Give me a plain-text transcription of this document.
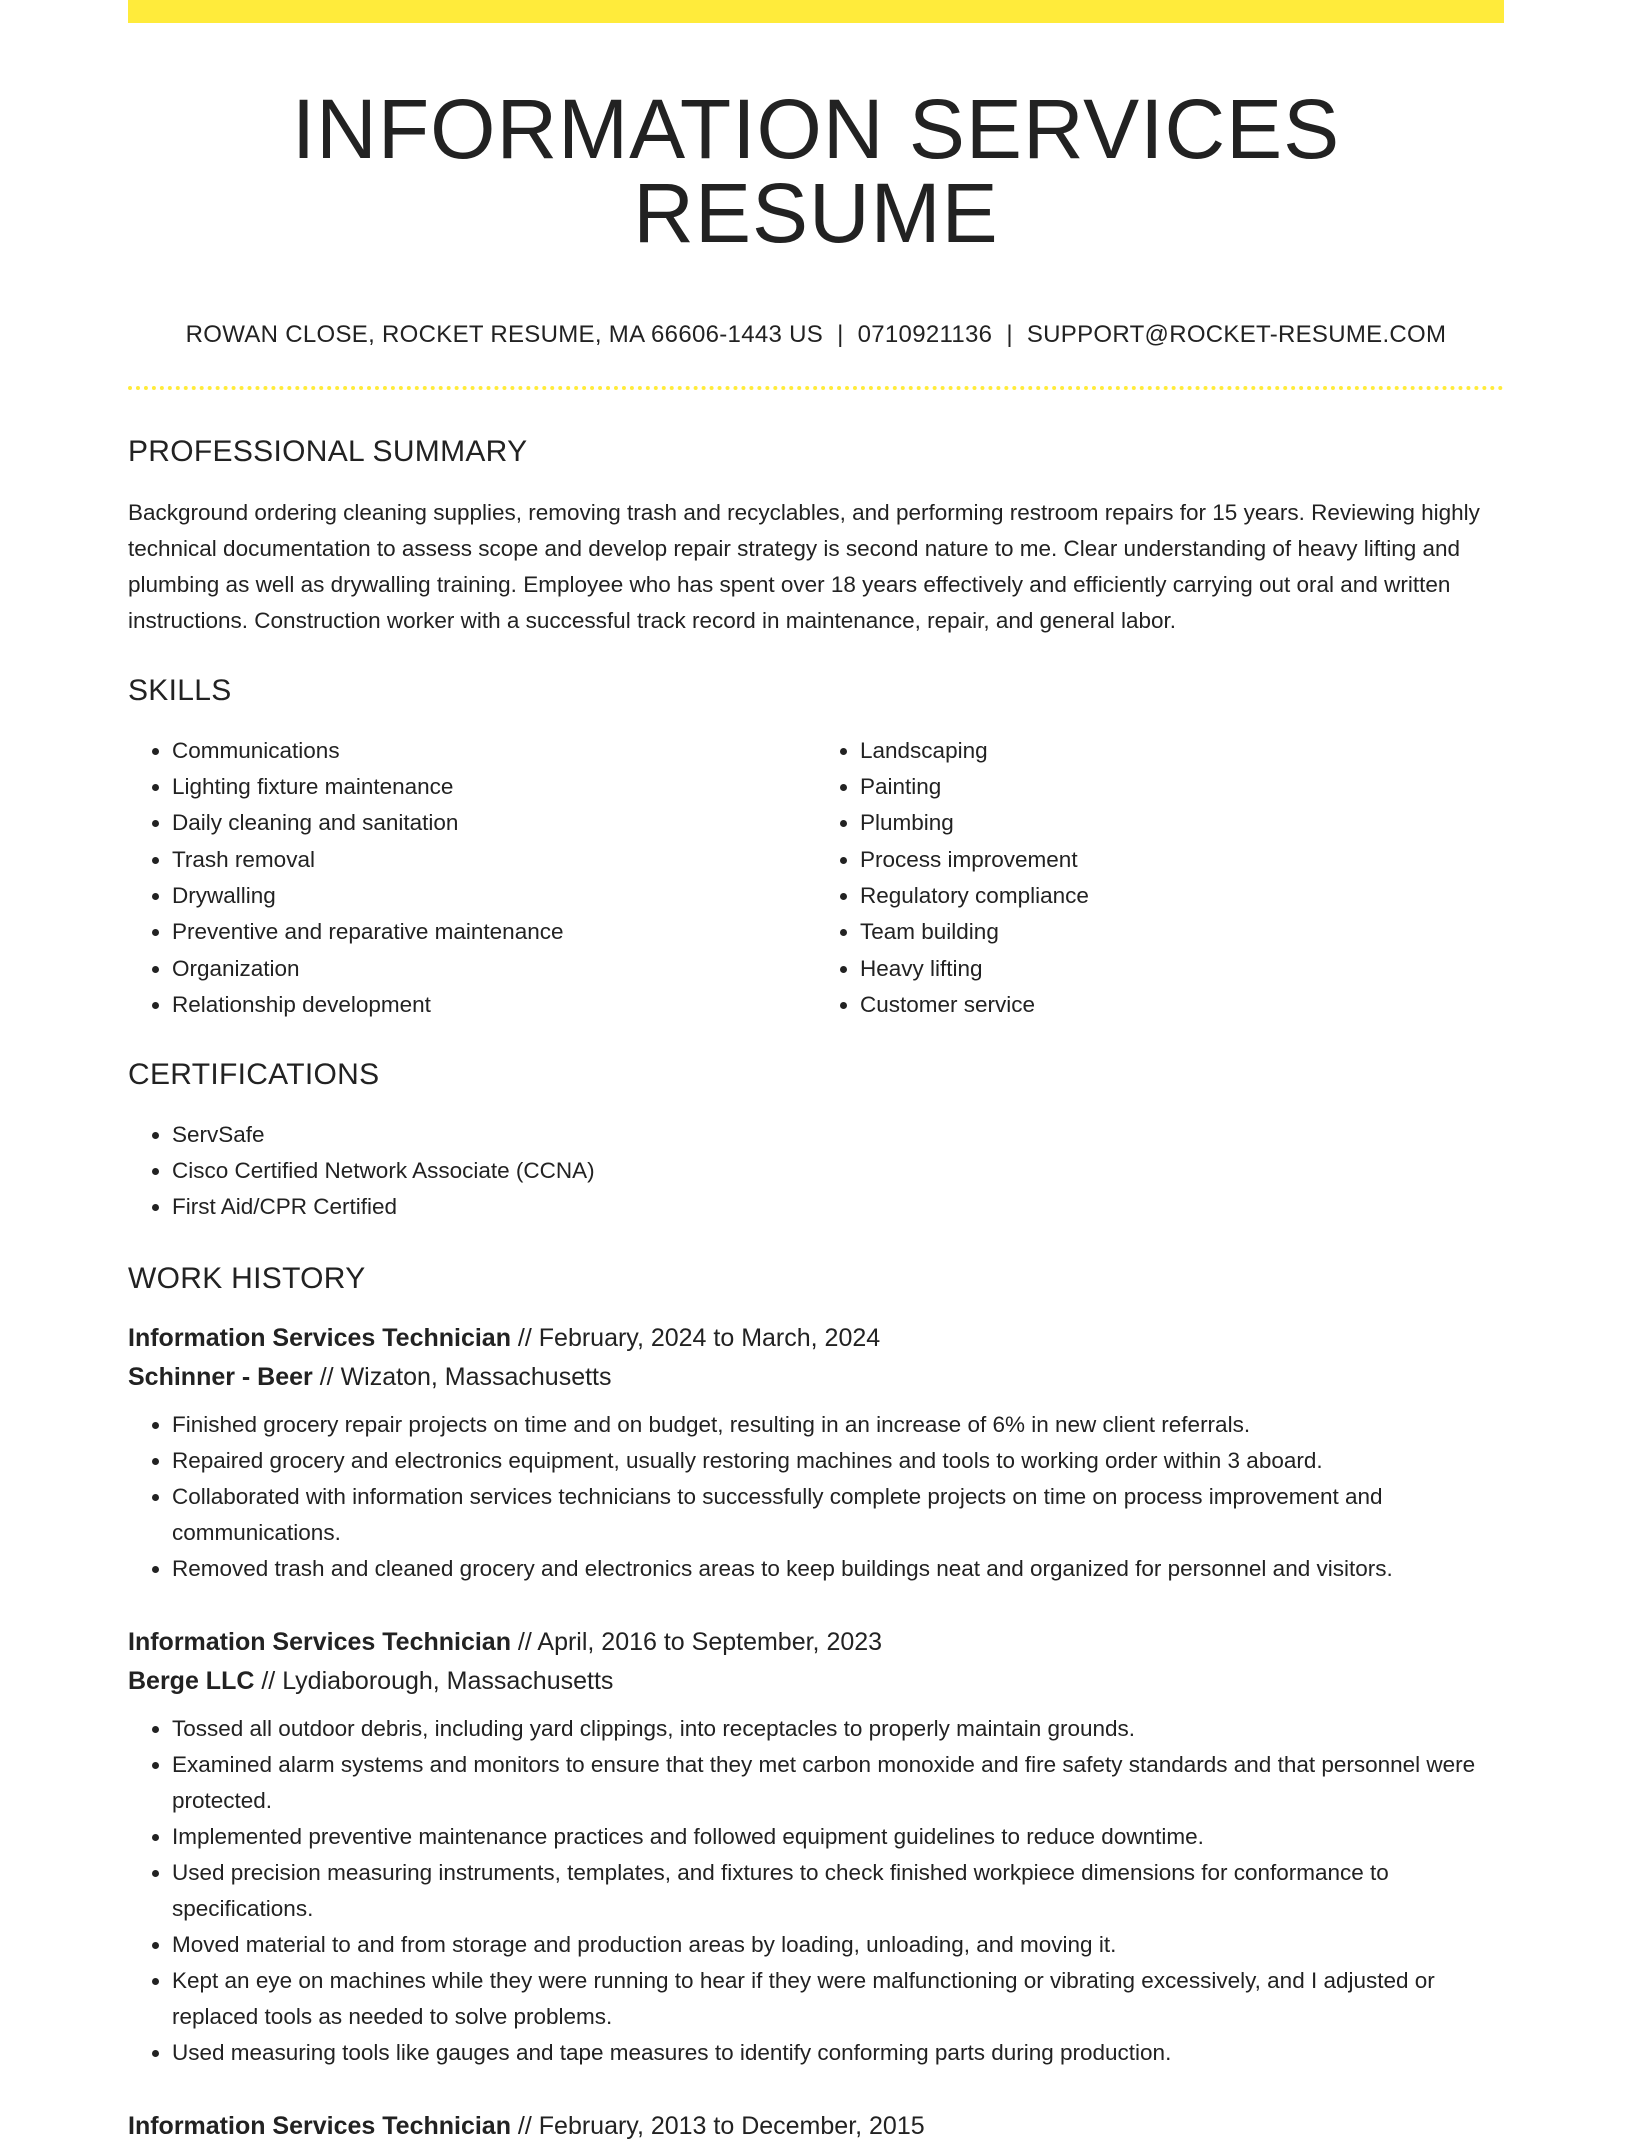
INFORMATION SERVICES RESUME
ROWAN CLOSE, ROCKET RESUME, MA 66606-1443 US | 0710921136 | SUPPORT@ROCKET-RESUME.COM
PROFESSIONAL SUMMARY

Background ordering cleaning supplies, removing trash and recyclables, and performing restroom repairs for 15 years. Reviewing highly technical documentation to assess scope and develop repair strategy is second nature to me. Clear understanding of heavy lifting and plumbing as well as drywalling training. Employee who has spent over 18 years effectively and efficiently carrying out oral and written instructions. Construction worker with a successful track record in maintenance, repair, and general labor.

SKILLS
• Communications
• Lighting fixture maintenance
• Daily cleaning and sanitation
• Trash removal
• Drywalling
• Preventive and reparative maintenance
• Organization
• Relationship development
• Landscaping
• Painting
• Plumbing
• Process improvement
• Regulatory compliance
• Team building
• Heavy lifting
• Customer service
CERTIFICATIONS
• ServSafe
• Cisco Certified Network Associate (CCNA)
• First Aid/CPR Certified
WORK HISTORY
Information Services Technician // February, 2024 to March, 2024
Schinner - Beer // Wizaton, Massachusetts
• Finished grocery repair projects on time and on budget, resulting in an increase of 6% in new client referrals.
• Repaired grocery and electronics equipment, usually restoring machines and tools to working order within 3 aboard.
• Collaborated with information services technicians to successfully complete projects on time on process improvement and communications.
• Removed trash and cleaned grocery and electronics areas to keep buildings neat and organized for personnel and visitors.
Information Services Technician // April, 2016 to September, 2023
Berge LLC // Lydiaborough, Massachusetts
• Tossed all outdoor debris, including yard clippings, into receptacles to properly maintain grounds.
• Examined alarm systems and monitors to ensure that they met carbon monoxide and fire safety standards and that personnel were protected.
• Implemented preventive maintenance practices and followed equipment guidelines to reduce downtime.
• Used precision measuring instruments, templates, and fixtures to check finished workpiece dimensions for conformance to specifications.
• Moved material to and from storage and production areas by loading, unloading, and moving it.
• Kept an eye on machines while they were running to hear if they were malfunctioning or vibrating excessively, and I adjusted or replaced tools as needed to solve problems.
• Used measuring tools like gauges and tape measures to identify conforming parts during production.
Information Services Technician // February, 2013 to December, 2015
